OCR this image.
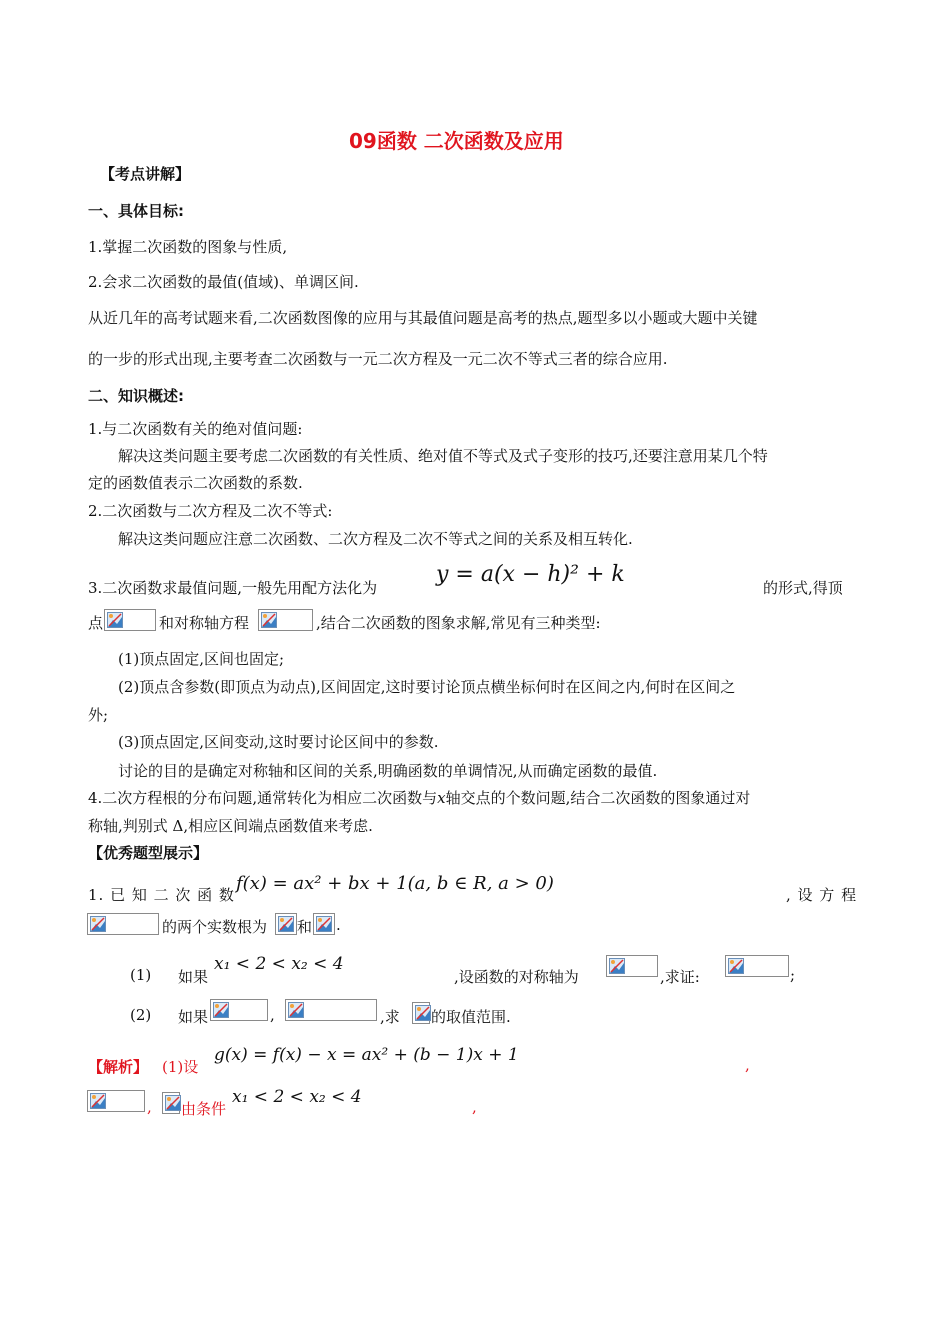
09函数 二次函数及应用
【考点讲解】
一、具体目标:
1.掌握二次函数的图象与性质,
2.会求二次函数的最值(值域)、单调区间.
从近几年的高考试题来看,二次函数图像的应用与其最值问题是高考的热点,题型多以小题或大题中关键
的一步的形式出现,主要考查二次函数与一元二次方程及一元二次不等式三者的综合应用.
二、知识概述:
1.与二次函数有关的绝对值问题:
解决这类问题主要考虑二次函数的有关性质、绝对值不等式及式子变形的技巧,还要注意用某几个特
定的函数值表示二次函数的系数.
2.二次函数与二次方程及二次不等式:
解决这类问题应注意二次函数、二次方程及二次不等式之间的关系及相互转化.
3.二次函数求最值问题,一般先用配方法化为
y = a(x − h)² + k
的形式,得顶
点	和对称轴方程	,结合二次函数的图象求解,常见有三种类型:
(1)顶点固定,区间也固定;
(2)顶点含参数(即顶点为动点),区间固定,这时要讨论顶点横坐标何时在区间之内,何时在区间之
外;
(3)顶点固定,区间变动,这时要讨论区间中的参数.
讨论的目的是确定对称轴和区间的关系,明确函数的单调情况,从而确定函数的最值.
4.二次方程根的分布问题,通常转化为相应二次函数与x轴交点的个数问题,结合二次函数的图象通过对
称轴,判别式 Δ,相应区间端点函数值来考虑.
【优秀题型展示】
1. 已 知 二 次 函 数
f(x) = ax² + bx + 1(a, b ∈ R, a > 0)
, 设 方 程
的两个实数根为 和 .
(1) 如果
x₁ < 2 < x₂ < 4
,设函数的对称轴为	,求证:	;
(2) 如果	,	,求 的取值范围.
【解析】 (1)设
g(x) = f(x) − x = ax² + (b − 1)x + 1	,
, 由条件
x₁ < 2 < x₂ < 4	,
